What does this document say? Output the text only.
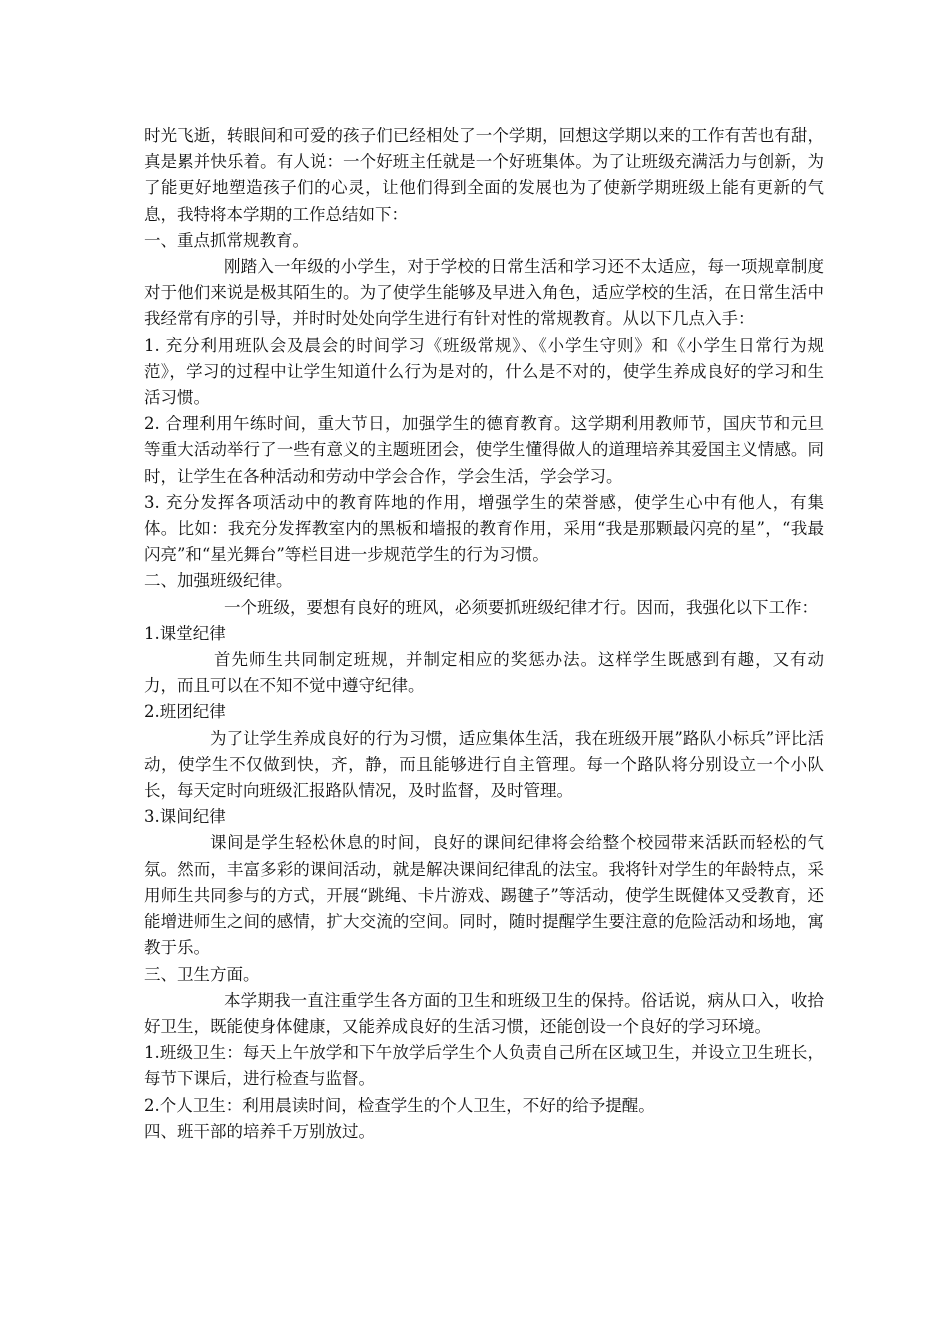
时光飞逝，转眼间和可爱的孩子们已经相处了一个学期，回想这学期以来的工作有苦也有甜，真是累并快乐着。有人说：一个好班主任就是一个好班集体。为了让班级充满活力与创新，为了能更好地塑造孩子们的心灵，让他们得到全面的发展也为了使新学期班级上能有更新的气息，我特将本学期的工作总结如下：

一、重点抓常规教育。

刚踏入一年级的小学生，对于学校的日常生活和学习还不太适应，每一项规章制度对于他们来说是极其陌生的。为了使学生能够及早进入角色，适应学校的生活，在日常生活中我经常有序的引导，并时时处处向学生进行有针对性的常规教育。从以下几点入手：

1. 充分利用班队会及晨会的时间学习《班级常规》、《小学生守则》和《小学生日常行为规范》，学习的过程中让学生知道什么行为是对的，什么是不对的，使学生养成良好的学习和生活习惯。

2. 合理利用午练时间，重大节日，加强学生的德育教育。这学期利用教师节，国庆节和元旦等重大活动举行了一些有意义的主题班团会，使学生懂得做人的道理培养其爱国主义情感。同时，让学生在各种活动和劳动中学会合作，学会生活，学会学习。

3. 充分发挥各项活动中的教育阵地的作用，增强学生的荣誉感，使学生心中有他人，有集体。比如：我充分发挥教室内的黑板和墙报的教育作用，采用“我是那颗最闪亮的星”，“我最闪亮”和“星光舞台”等栏目进一步规范学生的行为习惯。

二、加强班级纪律。

一个班级，要想有良好的班风，必须要抓班级纪律才行。因而，我强化以下工作：

1.课堂纪律

首先师生共同制定班规，并制定相应的奖惩办法。这样学生既感到有趣，又有动力，而且可以在不知不觉中遵守纪律。

2.班团纪律

为了让学生养成良好的行为习惯，适应集体生活，我在班级开展”路队小标兵”评比活动，使学生不仅做到快，齐，静，而且能够进行自主管理。每一个路队将分别设立一个小队长，每天定时向班级汇报路队情况，及时监督，及时管理。

3.课间纪律

课间是学生轻松休息的时间，良好的课间纪律将会给整个校园带来活跃而轻松的气氛。然而，丰富多彩的课间活动，就是解决课间纪律乱的法宝。我将针对学生的年龄特点，采用师生共同参与的方式，开展“跳绳、卡片游戏、踢毽子”等活动，使学生既健体又受教育，还能增进师生之间的感情，扩大交流的空间。同时，随时提醒学生要注意的危险活动和场地，寓教于乐。

三、卫生方面。

本学期我一直注重学生各方面的卫生和班级卫生的保持。俗话说，病从口入，收拾好卫生，既能使身体健康，又能养成良好的生活习惯，还能创设一个良好的学习环境。

1.班级卫生：每天上午放学和下午放学后学生个人负责自己所在区域卫生，并设立卫生班长，每节下课后，进行检查与监督。

2.个人卫生：利用晨读时间，检查学生的个人卫生，不好的给予提醒。

四、班干部的培养千万别放过。
